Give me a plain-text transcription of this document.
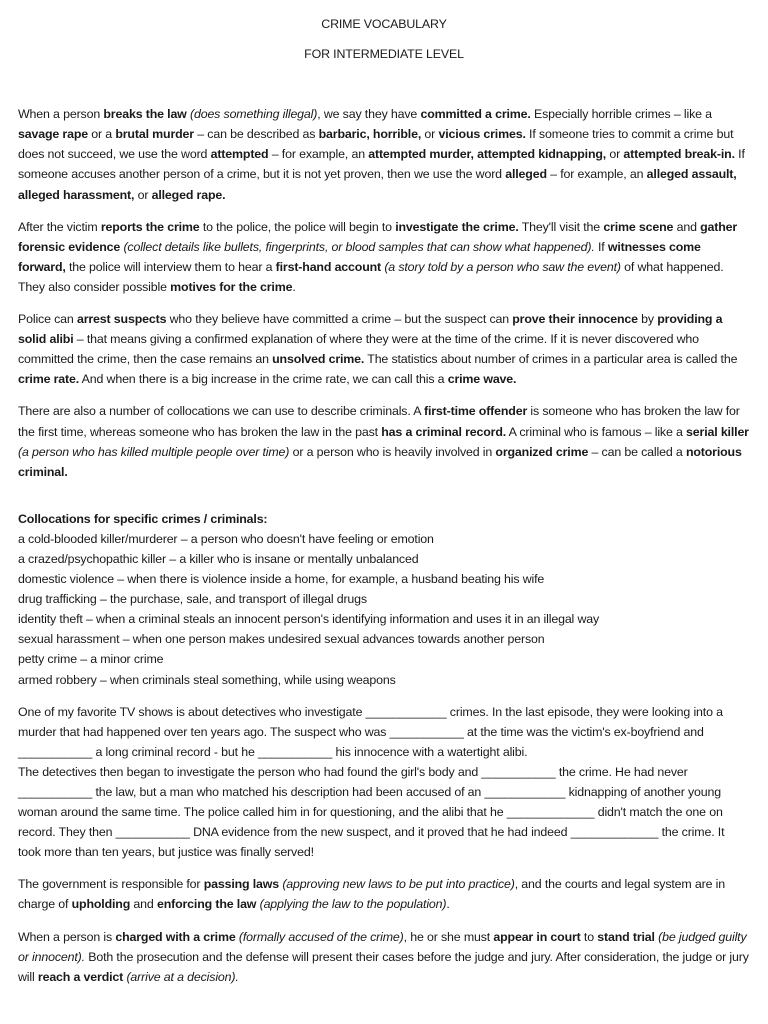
CRIME VOCABULARY

FOR INTERMEDIATE LEVEL

When a person breaks the law (does something illegal), we say they have committed a crime. Especially horrible crimes – like a savage rape or a brutal murder – can be described as barbaric, horrible, or vicious crimes. If someone tries to commit a crime but does not succeed, we use the word attempted – for example, an attempted murder, attempted kidnapping, or attempted break-in. If someone accuses another person of a crime, but it is not yet proven, then we use the word alleged – for example, an alleged assault, alleged harassment, or alleged rape.

After the victim reports the crime to the police, the police will begin to investigate the crime. They'll visit the crime scene and gather forensic evidence (collect details like bullets, fingerprints, or blood samples that can show what happened). If witnesses come forward, the police will interview them to hear a first-hand account (a story told by a person who saw the event) of what happened. They also consider possible motives for the crime.

Police can arrest suspects who they believe have committed a crime – but the suspect can prove their innocence by providing a solid alibi – that means giving a confirmed explanation of where they were at the time of the crime. If it is never discovered who committed the crime, then the case remains an unsolved crime. The statistics about number of crimes in a particular area is called the crime rate. And when there is a big increase in the crime rate, we can call this a crime wave.

There are also a number of collocations we can use to describe criminals. A first-time offender is someone who has broken the law for the first time, whereas someone who has broken the law in the past has a criminal record. A criminal who is famous – like a serial killer (a person who has killed multiple people over time) or a person who is heavily involved in organized crime – can be called a notorious criminal.

Collocations for specific crimes / criminals:

a cold-blooded killer/murderer – a person who doesn't have feeling or emotion

a crazed/psychopathic killer – a killer who is insane or mentally unbalanced

domestic violence – when there is violence inside a home, for example, a husband beating his wife

drug trafficking – the purchase, sale, and transport of illegal drugs

identity theft – when a criminal steals an innocent person's identifying information and uses it in an illegal way

sexual harassment – when one person makes undesired sexual advances towards another person

petty crime – a minor crime

armed robbery – when criminals steal something, while using weapons

One of my favorite TV shows is about detectives who investigate ____________ crimes. In the last episode, they were looking into a murder that had happened over ten years ago. The suspect who was ___________ at the time was the victim's ex-boyfriend and ___________ a long criminal record - but he ___________ his innocence with a watertight alibi.

The detectives then began to investigate the person who had found the girl's body and ___________ the crime. He had never ___________ the law, but a man who matched his description had been accused of an ____________ kidnapping of another young woman around the same time. The police called him in for questioning, and the alibi that he _____________ didn't match the one on record. They then ___________ DNA evidence from the new suspect, and it proved that he had indeed _____________ the crime. It took more than ten years, but justice was finally served!

The government is responsible for passing laws (approving new laws to be put into practice), and the courts and legal system are in charge of upholding and enforcing the law (applying the law to the population).

When a person is charged with a crime (formally accused of the crime), he or she must appear in court to stand trial (be judged guilty or innocent). Both the prosecution and the defense will present their cases before the judge and jury. After consideration, the judge or jury will reach a verdict (arrive at a decision).
